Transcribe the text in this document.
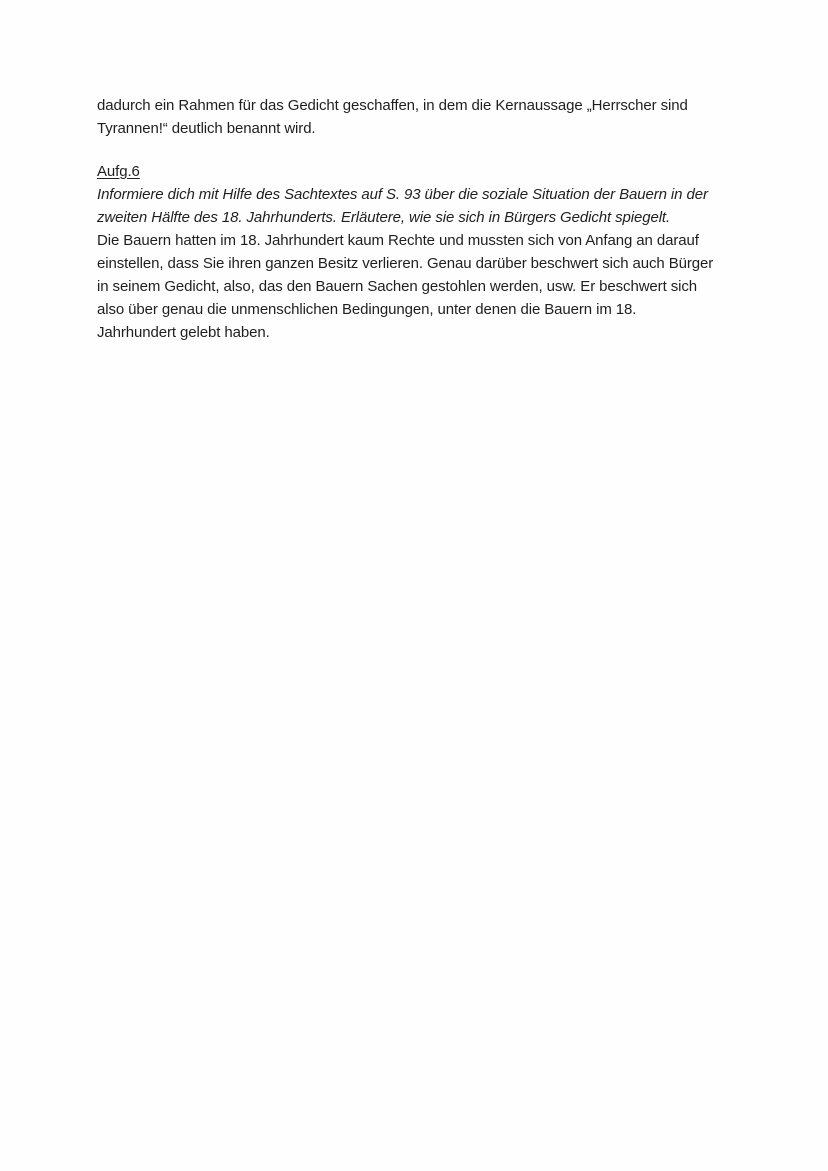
dadurch ein Rahmen für das Gedicht geschaffen, in dem die Kernaussage „Herrscher sind
Tyrannen!“ deutlich benannt wird.
Aufg.6
Informiere dich mit Hilfe des Sachtextes auf S. 93 über die soziale Situation der Bauern in der
zweiten Hälfte des 18. Jahrhunderts. Erläutere, wie sie sich in Bürgers Gedicht spiegelt.
Die Bauern hatten im 18. Jahrhundert kaum Rechte und mussten sich von Anfang an darauf
einstellen, dass Sie ihren ganzen Besitz verlieren. Genau darüber beschwert sich auch Bürger
in seinem Gedicht, also, das den Bauern Sachen gestohlen werden, usw. Er beschwert sich
also über genau die unmenschlichen Bedingungen, unter denen die Bauern im 18.
Jahrhundert gelebt haben.
